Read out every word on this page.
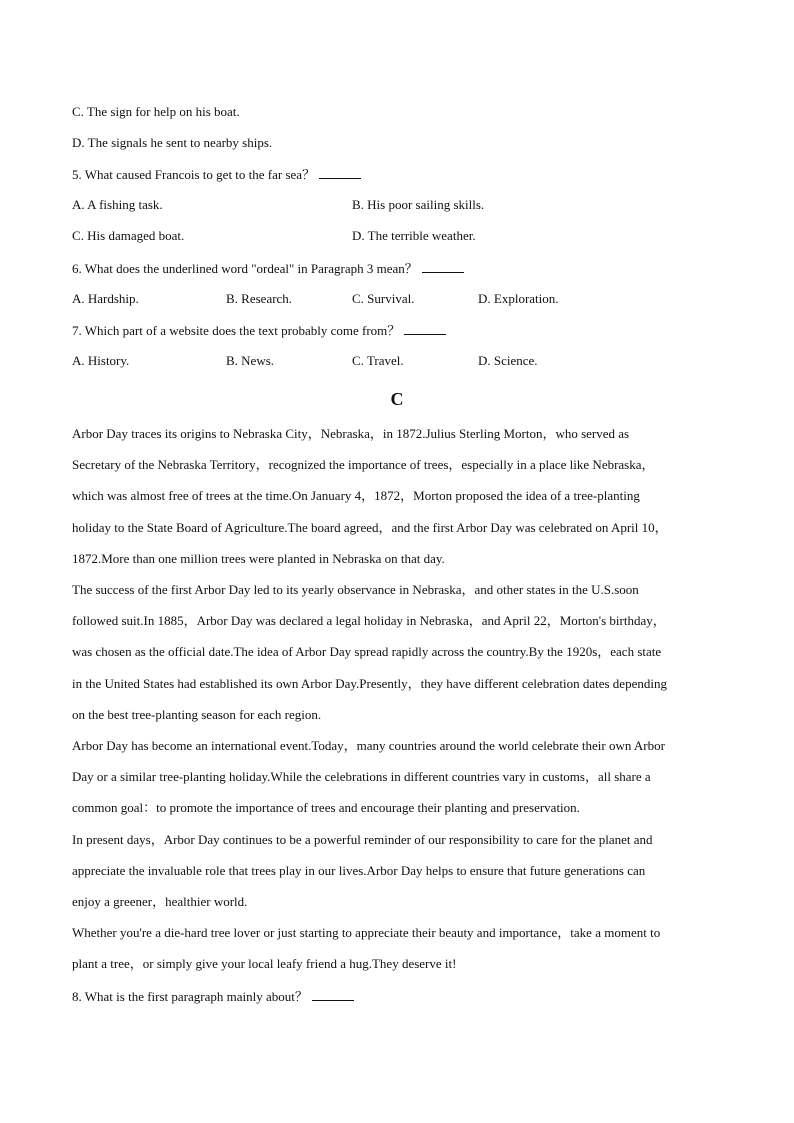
C. The sign for help on his boat.
D. The signals he sent to nearby ships.
5. What caused Francois to get to the far sea？
A. A fishing task.	B. His poor sailing skills.
C. His damaged boat.	D. The terrible weather.
6. What does the underlined word "ordeal" in Paragraph 3 mean？
A. Hardship.	B. Research.	C. Survival.	D. Exploration.
7. Which part of a website does the text probably come from？
A. History.	B. News.	C. Travel.	D. Science.
C
Arbor Day traces its origins to Nebraska City，Nebraska，in 1872.Julius Sterling Morton，who served as
Secretary of the Nebraska Territory，recognized the importance of trees，especially in a place like Nebraska，
which was almost free of trees at the time.On January 4，1872，Morton proposed the idea of a tree-planting
holiday to the State Board of Agriculture.The board agreed，and the first Arbor Day was celebrated on April 10，
1872.More than one million trees were planted in Nebraska on that day.
The success of the first Arbor Day led to its yearly observance in Nebraska，and other states in the U.S.soon
followed suit.In 1885，Arbor Day was declared a legal holiday in Nebraska，and April 22，Morton's birthday，
was chosen as the official date.The idea of Arbor Day spread rapidly across the country.By the 1920s，each state
in the United States had established its own Arbor Day.Presently，they have different celebration dates depending
on the best tree-planting season for each region.
Arbor Day has become an international event.Today，many countries around the world celebrate their own Arbor
Day or a similar tree-planting holiday.While the celebrations in different countries vary in customs，all share a
common goal：to promote the importance of trees and encourage their planting and preservation.
In present days，Arbor Day continues to be a powerful reminder of our responsibility to care for the planet and
appreciate the invaluable role that trees play in our lives.Arbor Day helps to ensure that future generations can
enjoy a greener，healthier world.
Whether you're a die-hard tree lover or just starting to appreciate their beauty and importance，take a moment to
plant a tree，or simply give your local leafy friend a hug.They deserve it!
8. What is the first paragraph mainly about？
